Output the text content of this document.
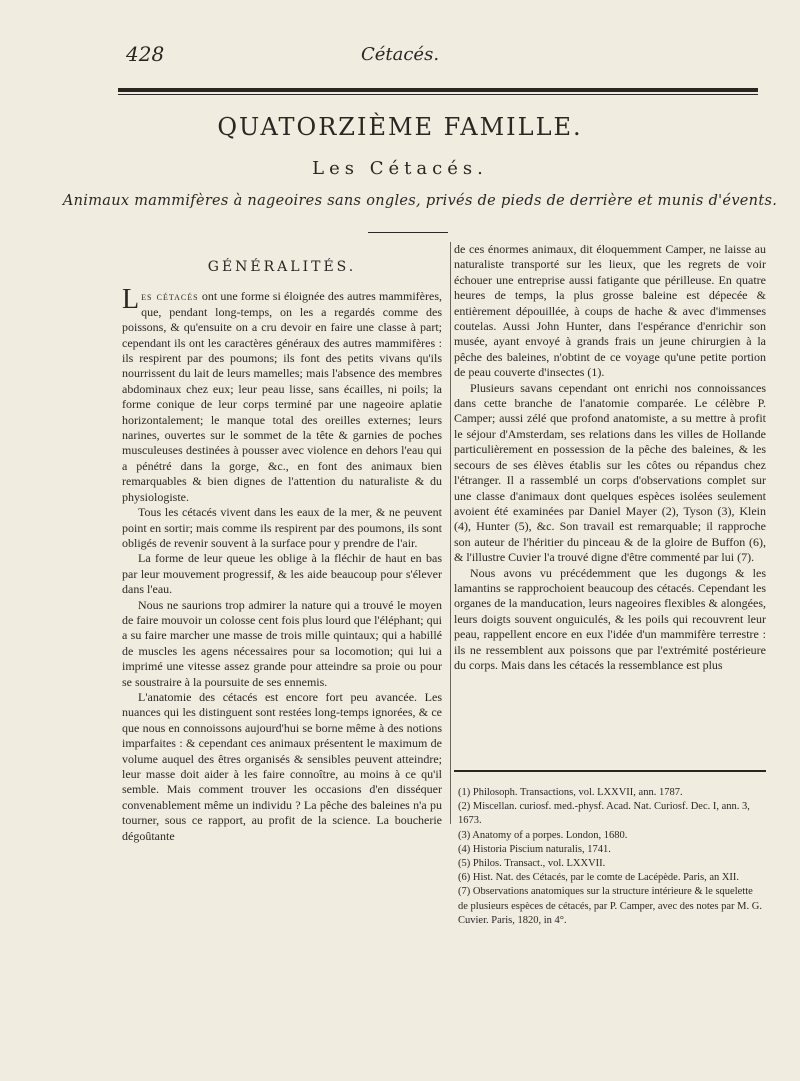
428	Cétacés.
QUATORZIÈME FAMILLE.
Les Cétacés.
Animaux mammifères à nageoires sans ongles, privés de pieds de derrière et munis d'évents.
GÉNÉRALITÉS.

Les cétacés ont une forme si éloignée des autres mammifères, que, pendant long-temps, on les a regardés comme des poissons, & qu'ensuite on a cru devoir en faire une classe à part; cependant ils ont les caractères généraux des autres mammifères : ils respirent par des poumons; ils font des petits vivans qu'ils nourrissent du lait de leurs mamelles; mais l'absence des membres abdominaux chez eux; leur peau lisse, sans écailles, ni poils; la forme conique de leur corps terminé par une nageoire aplatie horizontalement; le manque total des oreilles externes; leurs narines, ouvertes sur le sommet de la tête & garnies de poches musculeuses destinées à pousser avec violence en dehors l'eau qui a pénétré dans la gorge, &c., en font des animaux bien remarquables & bien dignes de l'attention du naturaliste & du physiologiste.

Tous les cétacés vivent dans les eaux de la mer, & ne peuvent point en sortir; mais comme ils respirent par des poumons, ils sont obligés de revenir souvent à la surface pour y prendre de l'air.

La forme de leur queue les oblige à la fléchir de haut en bas par leur mouvement progressif, & les aide beaucoup pour s'élever dans l'eau.

Nous ne saurions trop admirer la nature qui a trouvé le moyen de faire mouvoir un colosse cent fois plus lourd que l'éléphant; qui a su faire marcher une masse de trois mille quintaux; qui a habillé de muscles les agens nécessaires pour sa locomotion; qui lui a imprimé une vitesse assez grande pour atteindre sa proie ou pour se soustraire à la poursuite de ses ennemis.

L'anatomie des cétacés est encore fort peu avancée. Les nuances qui les distinguent sont restées long-temps ignorées, & ce que nous en connoissons aujourd'hui se borne même à des notions imparfaites : & cependant ces animaux présentent le maximum de volume auquel des êtres organisés & sensibles peuvent atteindre; leur masse doit aider à les faire connoître, au moins à ce qu'il semble. Mais comment trouver les occasions d'en disséquer convenablement même un individu ? La pêche des baleines n'a pu tourner, sous ce rapport, au profit de la science. La boucherie dégoûtante

de ces énormes animaux, dit éloquemment Camper, ne laisse au naturaliste transporté sur les lieux, que les regrets de voir échouer une entreprise aussi fatigante que périlleuse. En quatre heures de temps, la plus grosse baleine est dépecée & entièrement dépouillée, à coups de hache & avec d'immenses coutelas. Aussi John Hunter, dans l'espérance d'enrichir son musée, ayant envoyé à grands frais un jeune chirurgien à la pêche des baleines, n'obtint de ce voyage qu'une petite portion de peau couverte d'insectes (1).

Plusieurs savans cependant ont enrichi nos connoissances dans cette branche de l'anatomie comparée. Le célèbre P. Camper; aussi zélé que profond anatomiste, a su mettre à profit le séjour d'Amsterdam, ses relations dans les villes de Hollande particulièrement en possession de la pêche des baleines, & les secours de ses élèves établis sur les côtes ou répandus chez l'étranger. Il a rassemblé un corps d'observations complet sur une classe d'animaux dont quelques espèces isolées seulement avoient été examinées par Daniel Mayer (2), Tyson (3), Klein (4), Hunter (5), &c. Son travail est remarquable; il rapproche son auteur de l'héritier du pinceau & de la gloire de Buffon (6), & l'illustre Cuvier l'a trouvé digne d'être commenté par lui (7).

Nous avons vu précédemment que les dugongs & les lamantins se rapprochoient beaucoup des cétacés. Cependant les organes de la manducation, leurs nageoires flexibles & alongées, leurs doigts souvent onguiculés, & les poils qui recouvrent leur peau, rappellent encore en eux l'idée d'un mammifère terrestre : ils ne ressemblent aux poissons que par l'extrémité postérieure du corps. Mais dans les cétacés la ressemblance est plus

(1) Philosoph. Transactions, vol. LXXVII, ann. 1787.

(2) Miscellan. curiosf. med.-physf. Acad. Nat. Curiosf. Dec. I, ann. 3, 1673.

(3) Anatomy of a porpes. London, 1680.

(4) Historia Piscium naturalis, 1741.

(5) Philos. Transact., vol. LXXVII.

(6) Hist. Nat. des Cétacés, par le comte de Lacépède. Paris, an XII.

(7) Observations anatomiques sur la structure intérieure & le squelette de plusieurs espèces de cétacés, par P. Camper, avec des notes par M. G. Cuvier. Paris, 1820, in 4°.
